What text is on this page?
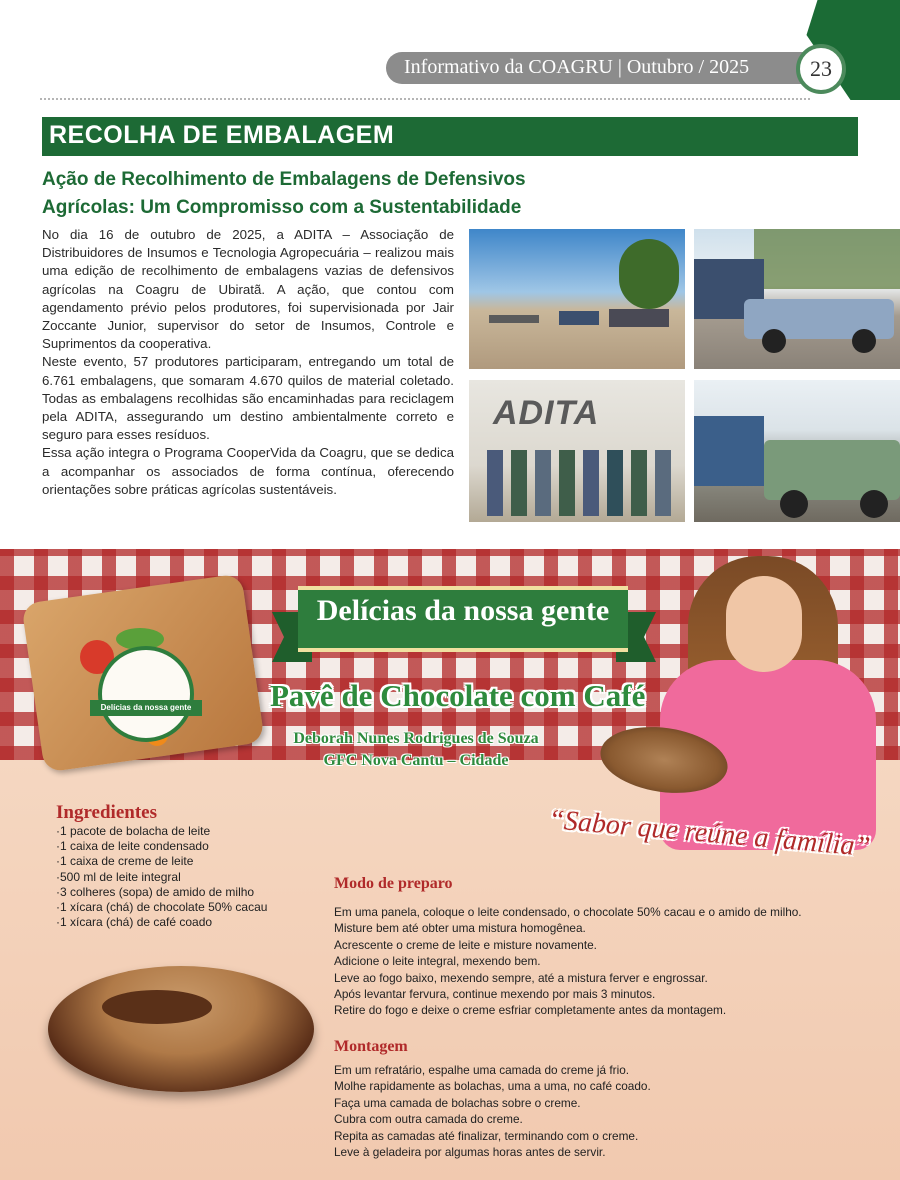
Informativo da COAGRU | Outubro / 2025	23
RECOLHA DE EMBALAGEM
Ação de Recolhimento de Embalagens de Defensivos Agrícolas: Um Compromisso com a Sustentabilidade

No dia 16 de outubro de 2025, a ADITA – Associação de Distribuidores de Insumos e Tecnologia Agropecuária – realizou mais uma edição de recolhimento de embalagens vazias de defensivos agrícolas na Coagru de Ubiratã. A ação, que contou com agendamento prévio pelos produtores, foi supervisionada por Jair Zoccante Junior, supervisor do setor de Insumos, Controle e Suprimentos da cooperativa.

Neste evento, 57 produtores participaram, entregando um total de 6.761 embalagens, que somaram 4.670 quilos de material coletado. Todas as embalagens recolhidas são encaminhadas para reciclagem pela ADITA, assegurando um destino ambientalmente correto e seguro para esses resíduos.

Essa ação integra o Programa CooperVida da Coagru, que se dedica a acompanhar os associados de forma contínua, oferecendo orientações sobre práticas agrícolas sustentáveis.

ADITA
Delícias da nossa gente
Delícias da nossa gente
Pavê de Chocolate com Café
Deborah Nunes Rodrigues de Souza
GFC Nova Cantu – Cidade
“Sabor que reúne a família”
Ingredientes
·1 pacote de bolacha de leite
·1 caixa de leite condensado
·1 caixa de creme de leite
·500 ml de leite integral
·3 colheres (sopa) de amido de milho
·1 xícara (chá) de chocolate 50% cacau
·1 xícara (chá) de café coado
Modo de preparo
Em uma panela, coloque o leite condensado, o chocolate 50% cacau e o amido de milho.
Misture bem até obter uma mistura homogênea.
Acrescente o creme de leite e misture novamente.
Adicione o leite integral, mexendo bem.
Leve ao fogo baixo, mexendo sempre, até a mistura ferver e engrossar.
Após levantar fervura, continue mexendo por mais 3 minutos.
Retire do fogo e deixe o creme esfriar completamente antes da montagem.
Montagem
Em um refratário, espalhe uma camada do creme já frio.
Molhe rapidamente as bolachas, uma a uma, no café coado.
Faça uma camada de bolachas sobre o creme.
Cubra com outra camada do creme.
Repita as camadas até finalizar, terminando com o creme.
Leve à geladeira por algumas horas antes de servir.
